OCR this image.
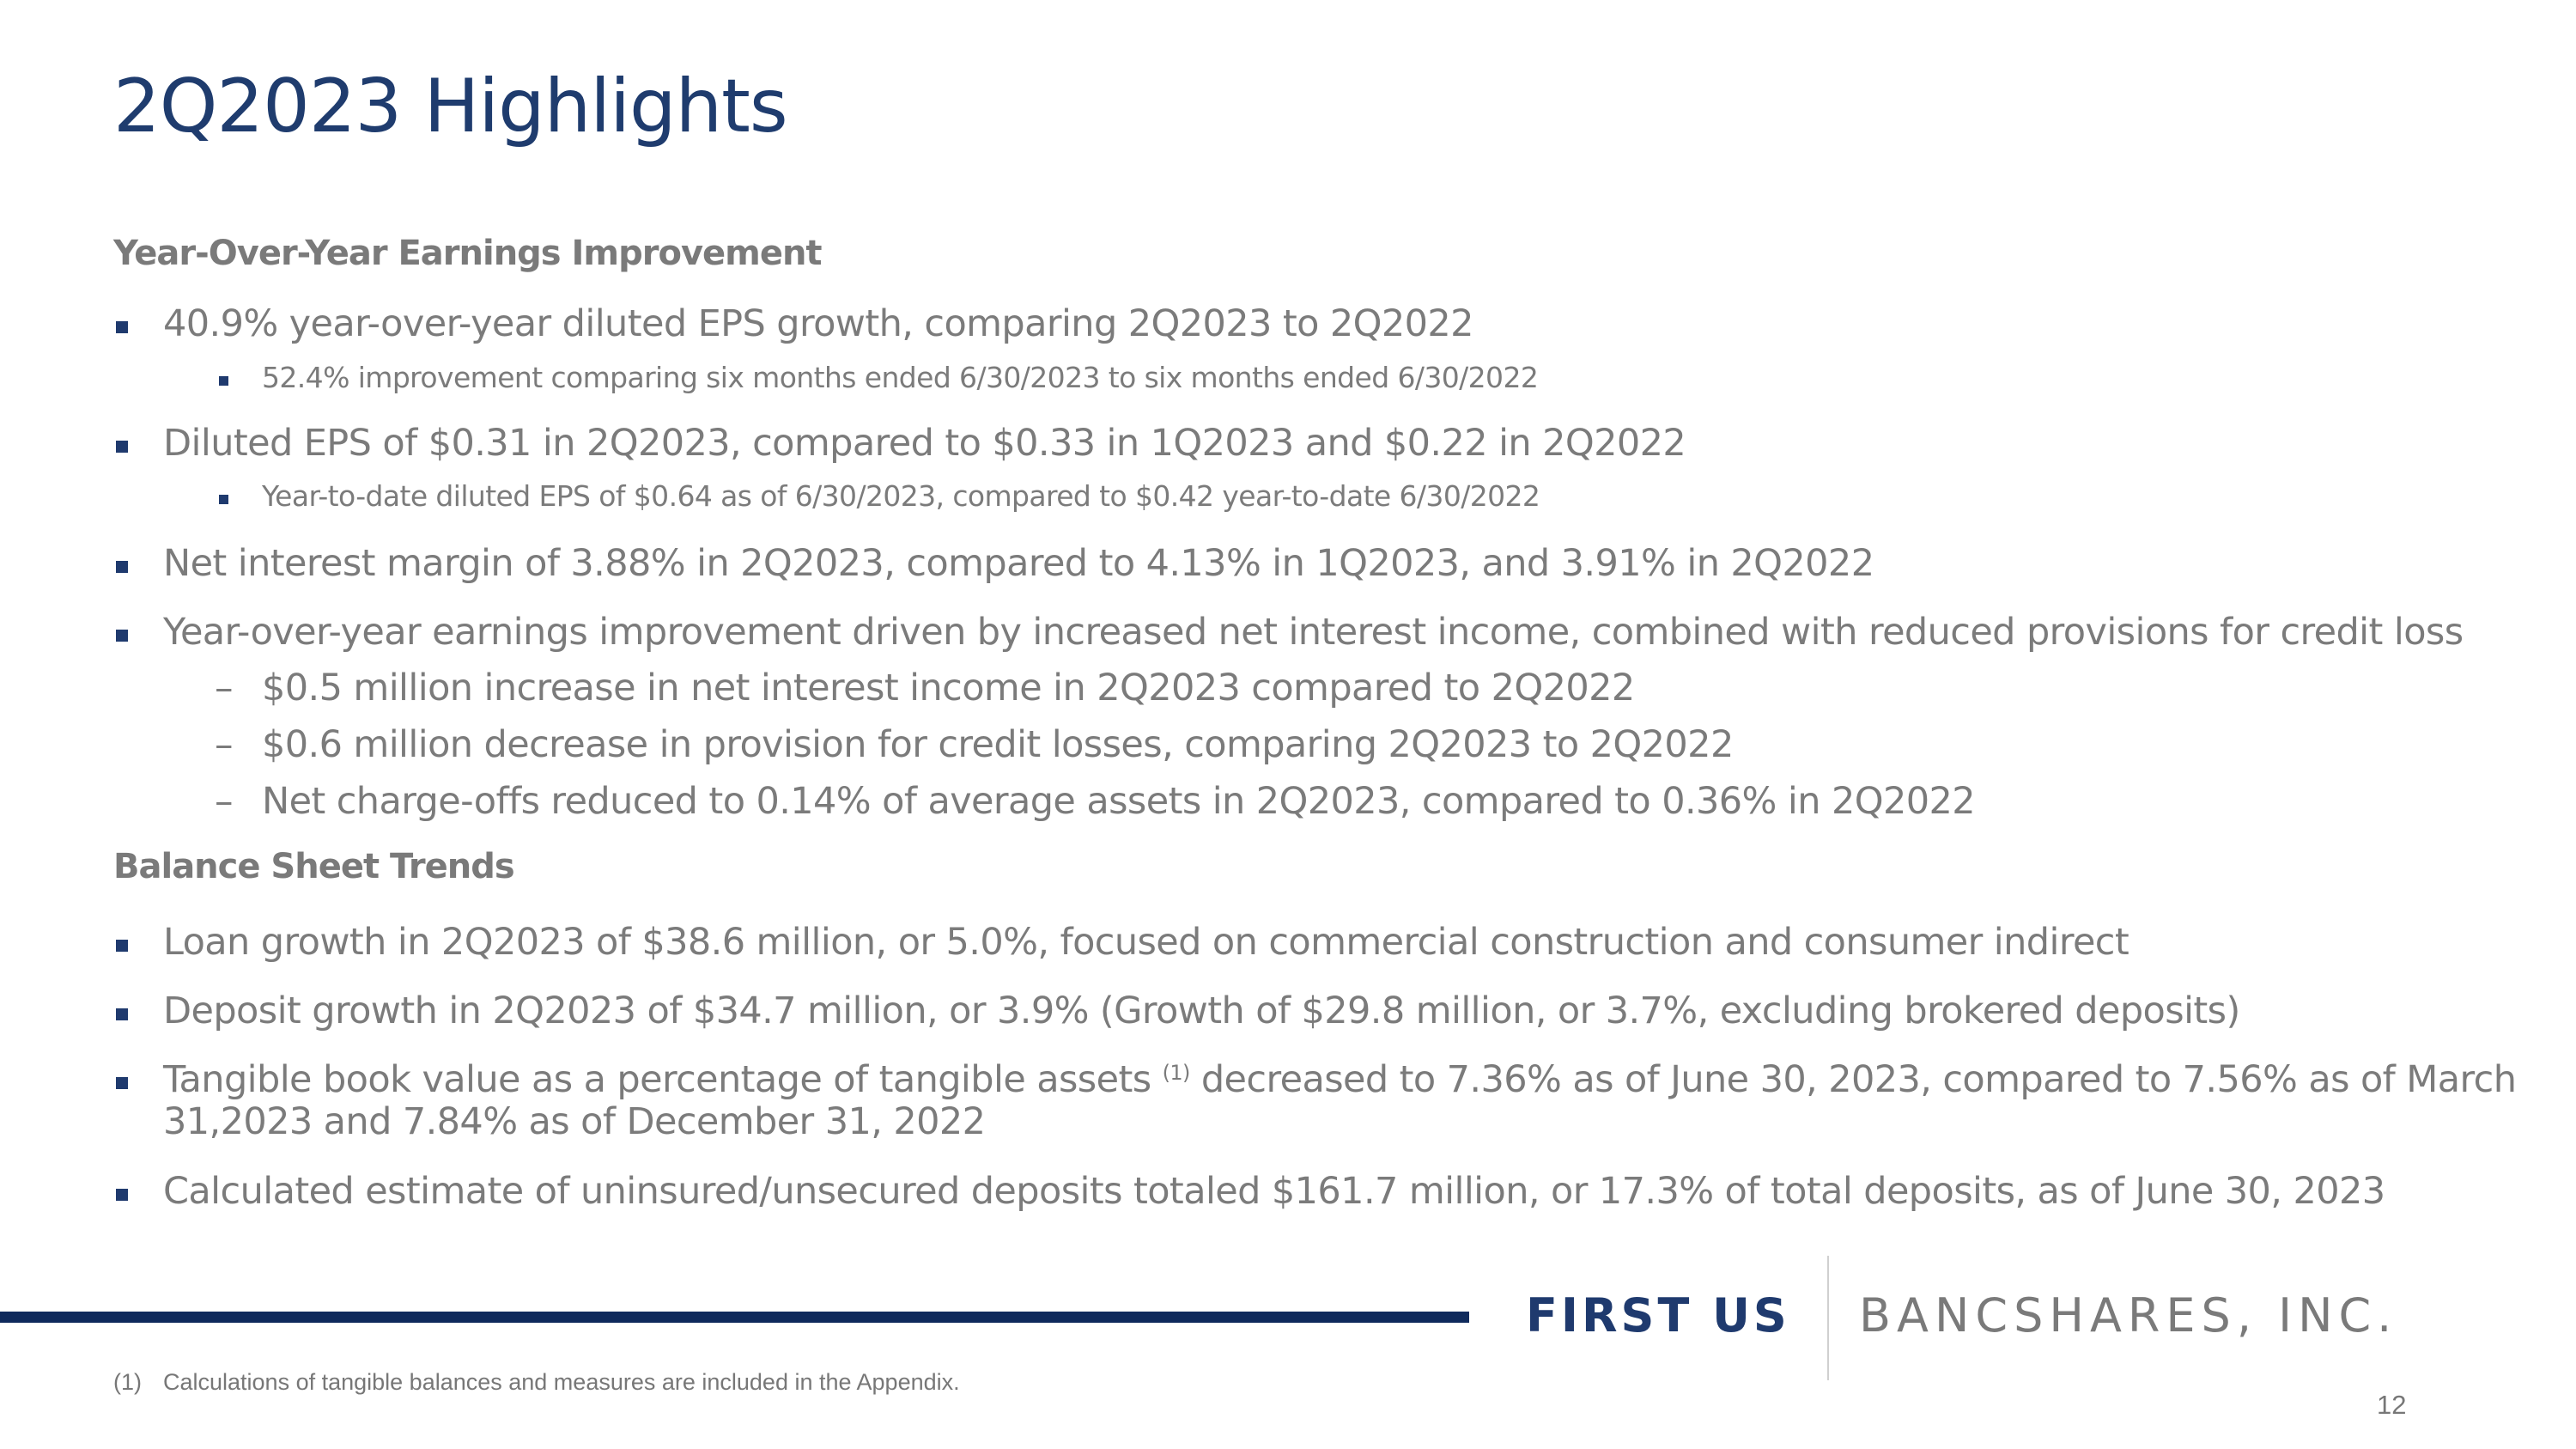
2Q2023 Highlights
Year-Over-Year Earnings Improvement
40.9% year-over-year diluted EPS growth, comparing 2Q2023 to 2Q2022
52.4% improvement comparing six months ended 6/30/2023 to six months ended 6/30/2022
Diluted EPS of $0.31 in 2Q2023, compared to $0.33 in 1Q2023 and $0.22 in 2Q2022
Year-to-date diluted EPS of $0.64 as of 6/30/2023, compared to $0.42 year-to-date 6/30/2022
Net interest margin of 3.88% in 2Q2023, compared to 4.13% in 1Q2023, and 3.91% in 2Q2022
Year-over-year earnings improvement driven by increased net interest income, combined with reduced provisions for credit loss
– $0.5 million increase in net interest income in 2Q2023 compared to 2Q2022
– $0.6 million decrease in provision for credit losses, comparing 2Q2023 to 2Q2022
– Net charge-offs reduced to 0.14% of average assets in 2Q2023, compared to 0.36% in 2Q2022
Balance Sheet Trends
Loan growth in 2Q2023 of $38.6 million, or 5.0%, focused on commercial construction and consumer indirect
Deposit growth in 2Q2023 of $34.7 million, or 3.9% (Growth of $29.8 million, or 3.7%, excluding brokered deposits)
Tangible book value as a percentage of tangible assets $^{(1)}$ decreased to 7.36% as of June 30, 2023, compared to 7.56% as of March
31,2023 and 7.84% as of December 31, 2022
Calculated estimate of uninsured/unsecured deposits totaled $161.7 million, or 17.3% of total deposits, as of June 30, 2023
FIRST US BANCSHARES, INC.
(1) Calculations of tangible balances and measures are included in the Appendix.
12
